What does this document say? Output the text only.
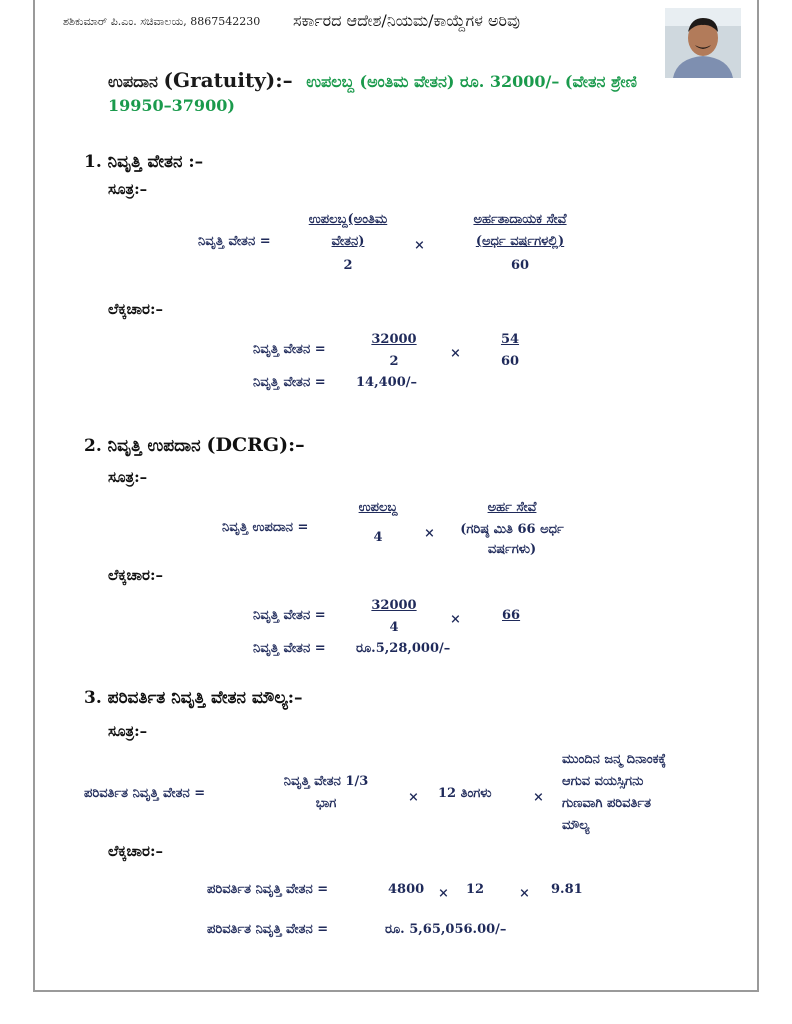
ಶಶಿಕುಮಾರ್ ಪಿ.ಎಂ. ಸಚಿವಾಲಯ, 8867542230 ಸರ್ಕಾರದ ಆದೇಶ/ನಿಯಮ/ಕಾಯ್ದೆಗಳ ಅರಿವು
ಉಪದಾನ (Gratuity):– ಉಪಲಬ್ದ (ಅಂತಿಮ ವೇತನ) ರೂ. 32000/– (ವೇತನ ಶ್ರೇಣಿ
19950–37900)
1. ನಿವೃತ್ತಿ ವೇತನ :–
ಸೂತ್ರ:–
ನಿವೃತ್ತಿ ವೇತನ =
ಉಪಲಬ್ದ(ಅಂತಿಮ
ವೇತನ)
2
×
ಅರ್ಹತಾದಾಯಕ ಸೇವೆ
(ಅರ್ಧ ವರ್ಷಗಳಲ್ಲಿ)
60
ಲೆಕ್ಕಚಾರ:–
ನಿವೃತ್ತಿ ವೇತನ =
32000
2
×
54
60
ನಿವೃತ್ತಿ ವೇತನ = 14,400/–
2. ನಿವೃತ್ತಿ ಉಪದಾನ (DCRG):–
ಸೂತ್ರ:–
ನಿವೃತ್ತಿ ಉಪದಾನ =
ಉಪಲಬ್ದ
4	×
ಅರ್ಹ ಸೇವೆ
(ಗರಿಷ್ಠ ಮಿತಿ 66 ಅರ್ಧ
ವರ್ಷಗಳು)
ಲೆಕ್ಕಚಾರ:–
ನಿವೃತ್ತಿ ವೇತನ =
32000
4
×	66
ನಿವೃತ್ತಿ ವೇತನ = ರೂ.5,28,000/–
3. ಪರಿವರ್ತಿತ ನಿವೃತ್ತಿ ವೇತನ ಮೌಲ್ಯ:–
ಸೂತ್ರ:–
ಪರಿವರ್ತಿತ ನಿವೃತ್ತಿ ವೇತನ =
ನಿವೃತ್ತಿ ವೇತನ 1/3
ಭಾಗ	× 12 ತಿಂಗಳು	×
ಮುಂದಿನ ಜನ್ಮ ದಿನಾಂಕಕ್ಕೆ
ಆಗುವ ವಯಸ್ಸಿಗನು
ಗುಣವಾಗಿ ಪರಿವರ್ತಿತ
ಮೌಲ್ಯ
ಲೆಕ್ಕಚಾರ:–
ಪರಿವರ್ತಿತ ನಿವೃತ್ತಿ ವೇತನ =	4800 × 12	× 9.81
ಪರಿವರ್ತಿತ ನಿವೃತ್ತಿ ವೇತನ =	ರೂ. 5,65,056.00/–
